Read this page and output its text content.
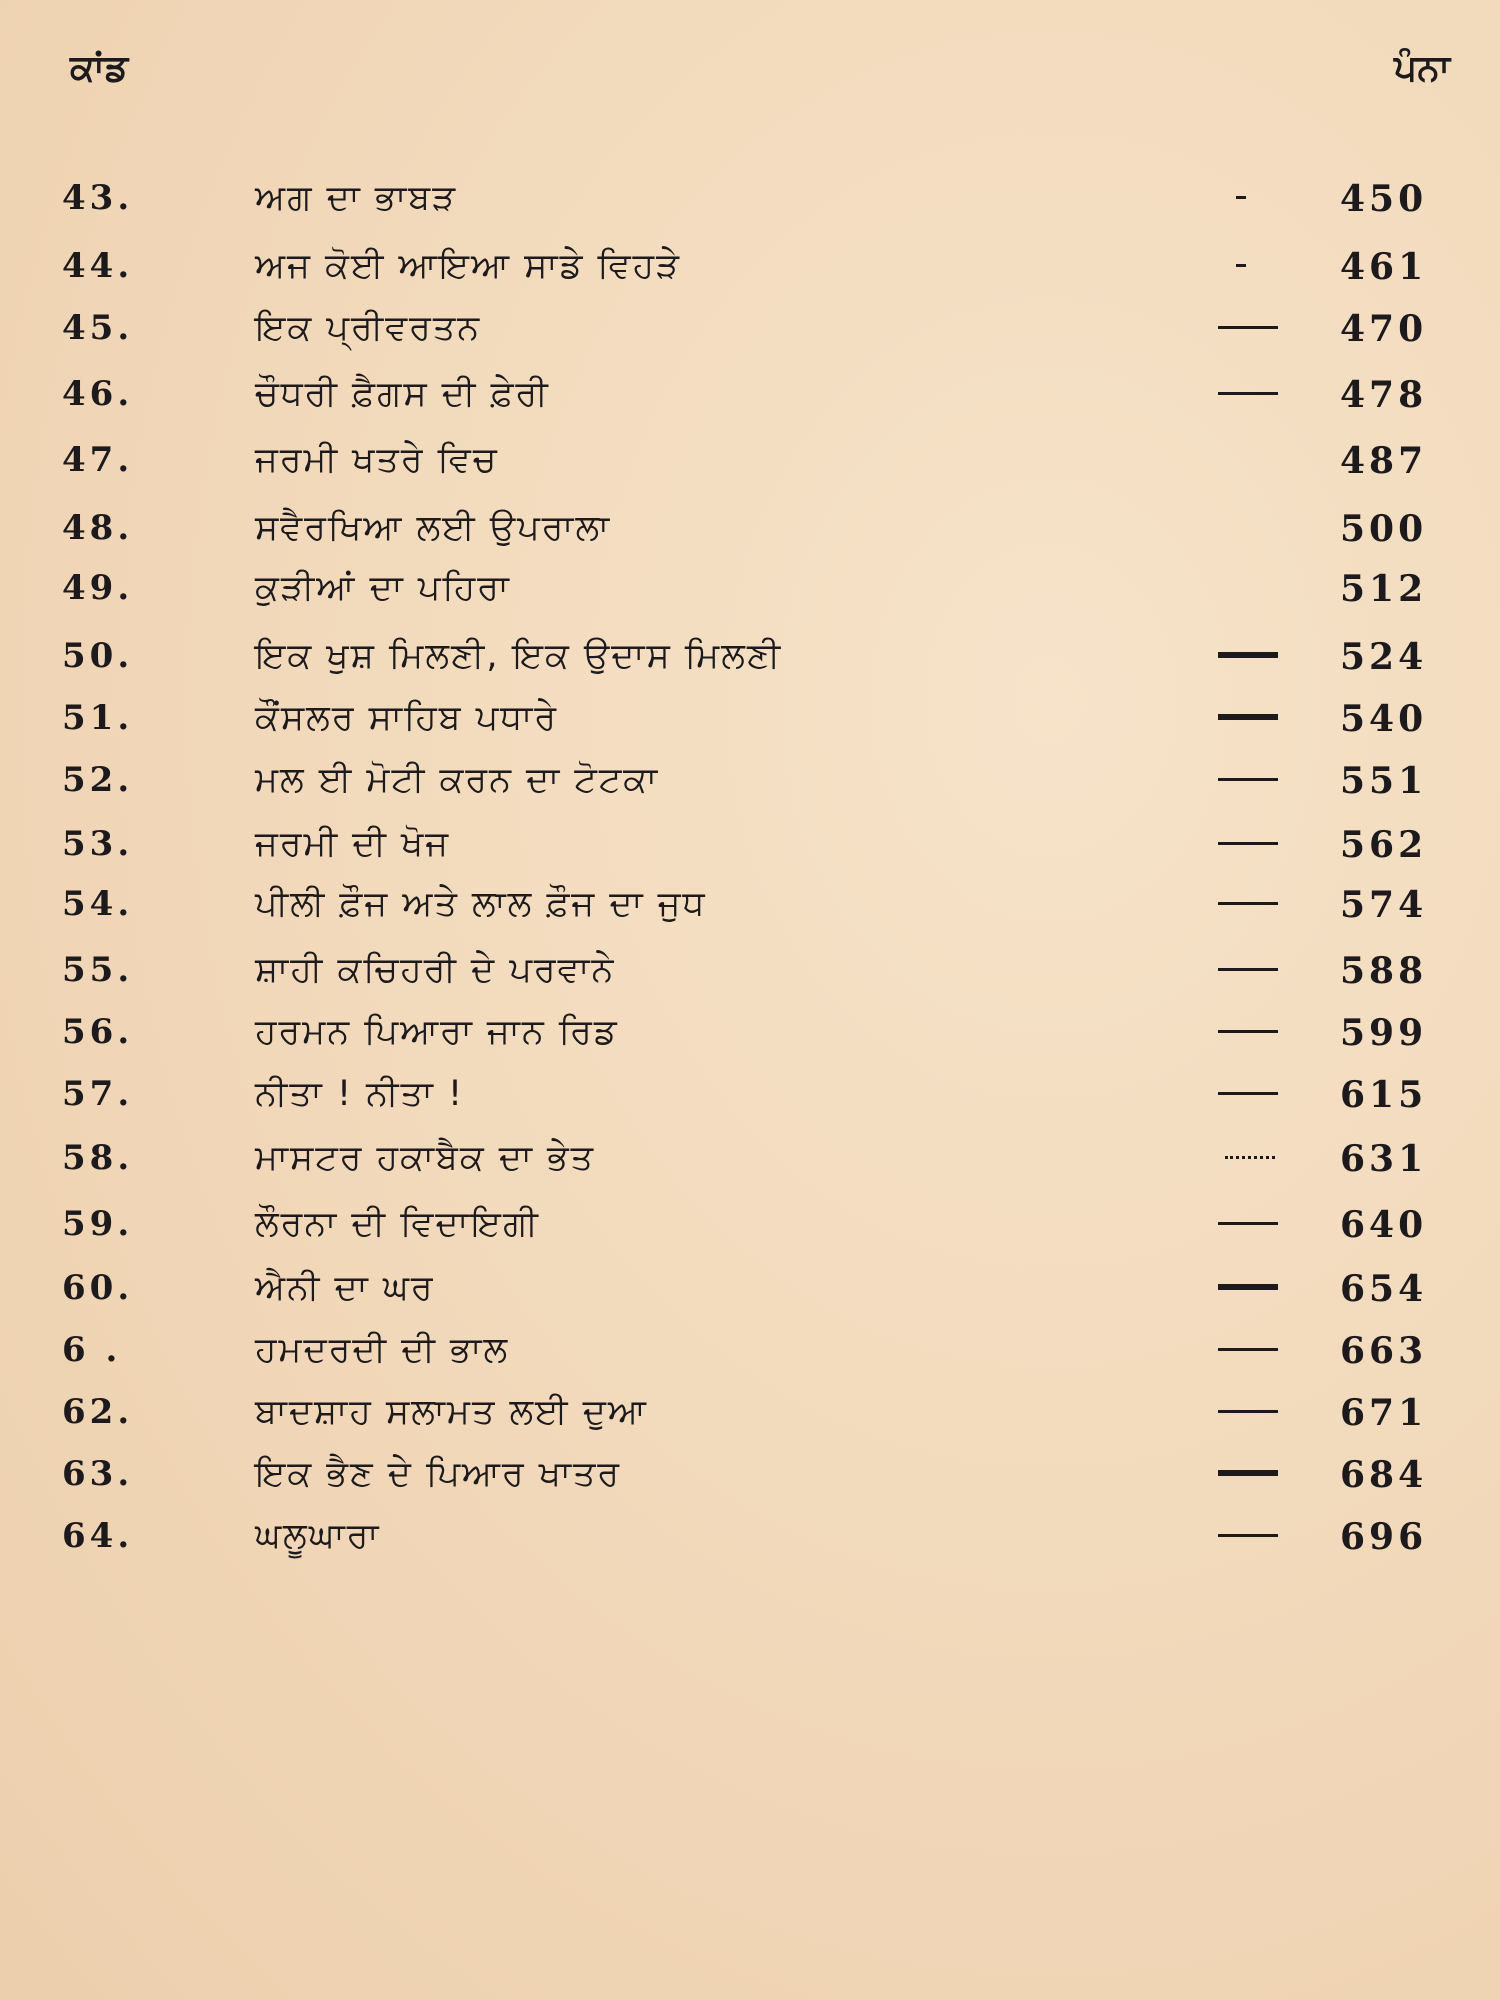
ਕਾਂਡ	ਪੰਨਾ
43.	ਅਗ ਦਾ ਭਾਬੜ	450
44.	ਅਜ ਕੋਈ ਆਇਆ ਸਾਡੇ ਵਿਹੜੇ	461
45.	ਇਕ ਪ੍ਰੀਵਰਤਨ	470
46.	ਚੌਧਰੀ ਫ਼ੈਗਸ ਦੀ ਫ਼ੇਰੀ	478
47.	ਜਰਮੀ ਖਤਰੇ ਵਿਚ	487
48.	ਸਵੈਰਖਿਆ ਲਈ ਉਪਰਾਲਾ	500
49.	ਕੁੜੀਆਂ ਦਾ ਪਹਿਰਾ	512
50.	ਇਕ ਖੁਸ਼ ਮਿਲਣੀ, ਇਕ ਉਦਾਸ ਮਿਲਣੀ	524
51.	ਕੌਂਸਲਰ ਸਾਹਿਬ ਪਧਾਰੇ	540
52.	ਮਲ ਈ ਮੋਟੀ ਕਰਨ ਦਾ ਟੋਟਕਾ	551
53.	ਜਰਮੀ ਦੀ ਖੋਜ	562
54.	ਪੀਲੀ ਫ਼ੌਜ ਅਤੇ ਲਾਲ ਫ਼ੌਜ ਦਾ ਜੁਧ	574
55.	ਸ਼ਾਹੀ ਕਚਿਹਰੀ ਦੇ ਪਰਵਾਨੇ	588
56.	ਹਰਮਨ ਪਿਆਰਾ ਜਾਨ ਰਿਡ	599
57.	ਨੀਤਾ ! ਨੀਤਾ !	615
58.	ਮਾਸਟਰ ਹਕਾਬੈਕ ਦਾ ਭੇਤ	631
59.	ਲੌਰਨਾ ਦੀ ਵਿਦਾਇਗੀ	640
60.	ਐਨੀ ਦਾ ਘਰ	654
6 .	ਹਮਦਰਦੀ ਦੀ ਭਾਲ	663
62.	ਬਾਦਸ਼ਾਹ ਸਲਾਮਤ ਲਈ ਦੁਆ	671
63.	ਇਕ ਭੈਣ ਦੇ ਪਿਆਰ ਖਾਤਰ	684
64.	ਘਲੂਘਾਰਾ	696
